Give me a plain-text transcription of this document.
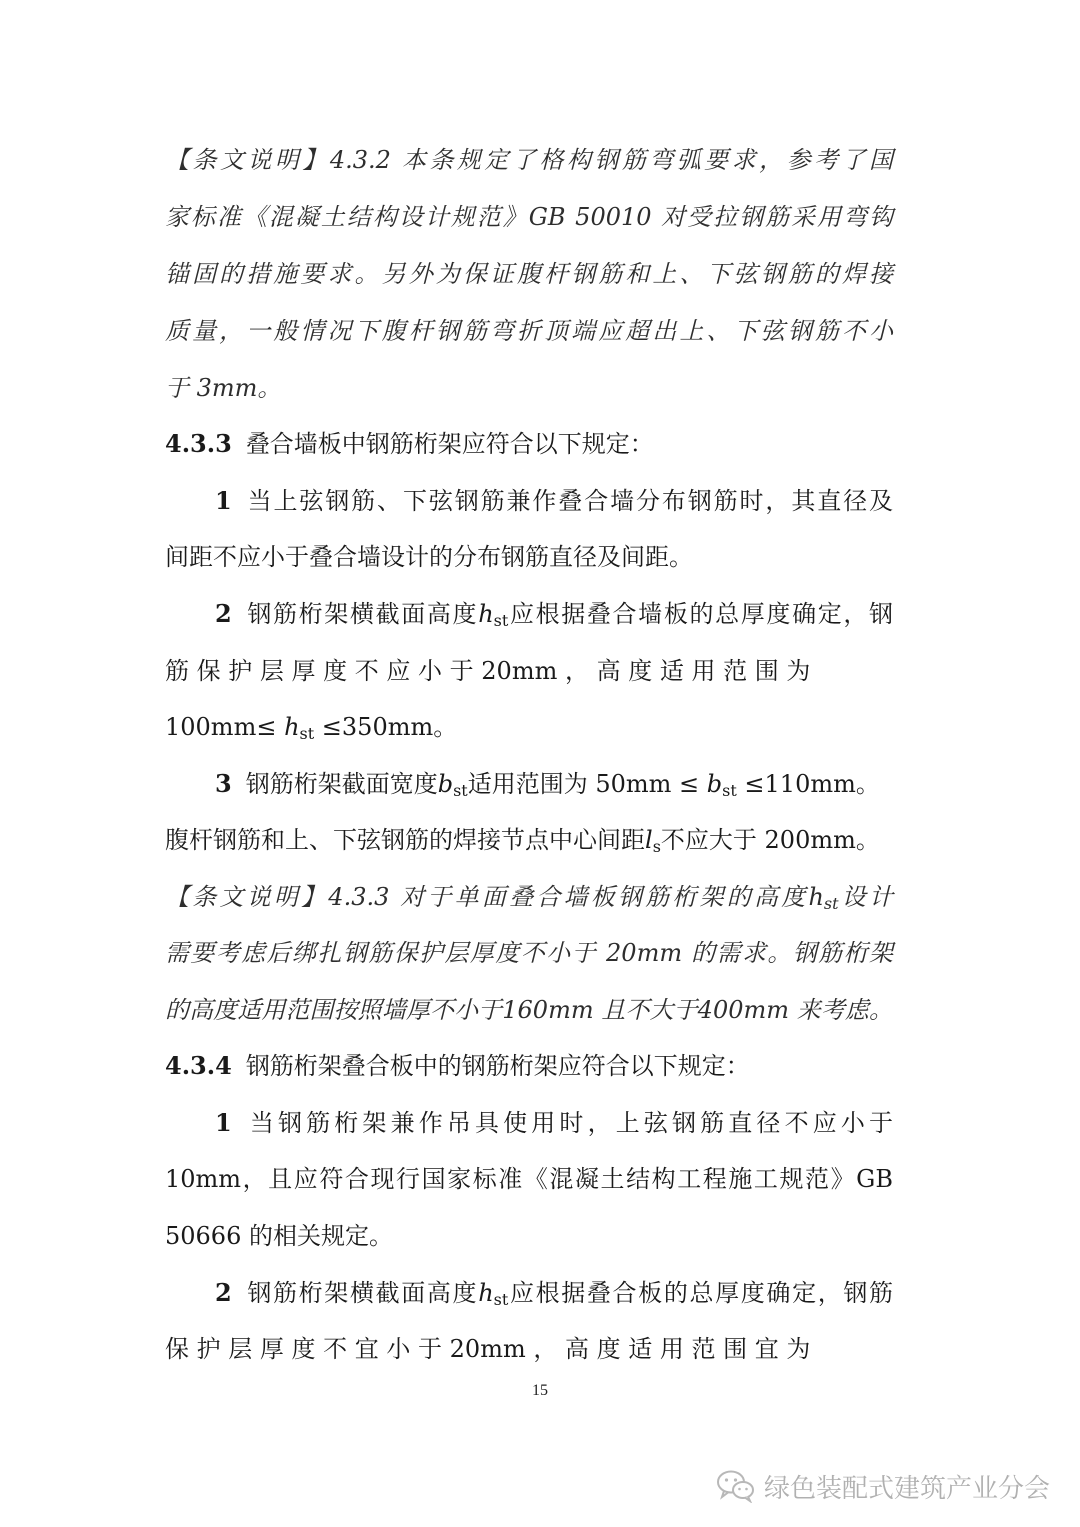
【条文说明】4.3.2 本条规定了格构钢筋弯弧要求，参考了国
家标准《混凝土结构设计规范》GB 50010 对受拉钢筋采用弯钩
锚固的措施要求。另外为保证腹杆钢筋和上、下弦钢筋的焊接
质量，一般情况下腹杆钢筋弯折顶端应超出上、下弦钢筋不小
于 3mm。
4.3.3 叠合墙板中钢筋桁架应符合以下规定：
1 当上弦钢筋、下弦钢筋兼作叠合墙分布钢筋时，其直径及
间距不应小于叠合墙设计的分布钢筋直径及间距。
2 钢筋桁架横截面高度$h_{st}$应根据叠合墙板的总厚度确定，钢
筋 保 护 层 厚 度 不 应 小 于 20mm ， 高 度 适 用 范 围 为
$100mm\le h_{st} \le 350mm$。
3 钢筋桁架截面宽度$b_{st}$适用范围为 $50mm \le b_{st} \le 110mm$。
腹杆钢筋和上、下弦钢筋的焊接节点中心间距$l_s$不应大于 200mm。
【条文说明】4.3.3 对于单面叠合墙板钢筋桁架的高度$h_{st}$设计
需要考虑后绑扎钢筋保护层厚度不小于 20mm 的需求。钢筋桁架
的高度适用范围按照墙厚不小于160mm 且不大于400mm 来考虑。
4.3.4 钢筋桁架叠合板中的钢筋桁架应符合以下规定：
1 当钢筋桁架兼作吊具使用时，上弦钢筋直径不应小于
10mm，且应符合现行国家标准《混凝土结构工程施工规范》GB
50666 的相关规定。
2 钢筋桁架横截面高度$h_{st}$应根据叠合板的总厚度确定，钢筋
保 护 层 厚 度 不 宜 小 于 20mm ， 高 度 适 用 范 围 宜 为
15
绿色装配式建筑产业分会
